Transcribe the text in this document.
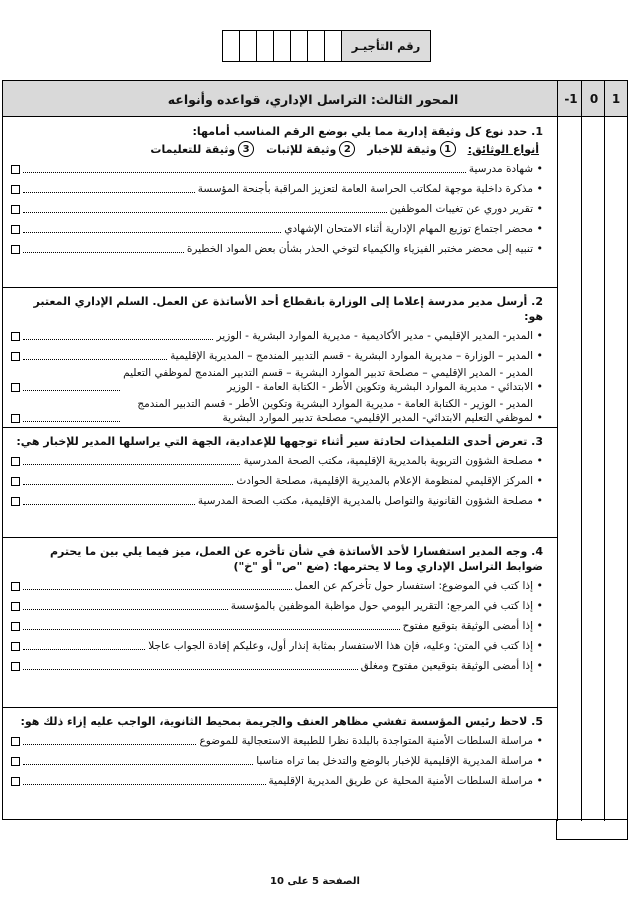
رقم التأجيـر
المحور الثالث: التراسل الإداري، قواعده وأنواعه	1
0
-1
1. حدد نوع كل وثيقة إدارية مما يلي بوضع الرقم المناسب أمامها:
أنواع الوثائق:
1
وثيقة للإخبار
2
وثيقة للإثبات
3
وثيقة للتعليمات
• شهادة مدرسية
• مذكرة داخلية موجهة لمكاتب الحراسة العامة لتعزيز المراقبة بأجنحة المؤسسة
• تقرير دوري عن تغيبات الموظفين
• محضر اجتماع توزيع المهام الإدارية أثناء الامتحان الإشهادي
• تنبيه إلى محضر مختبر الفيزياء والكيمياء لتوخي الحذر بشأن بعض المواد الخطيرة
2. أرسل مدير مدرسة إعلاما إلى الوزارة بانقطاع أحد الأساتذة عن العمل. السلم الإداري المعتبر هو:
• المدير- المدير الإقليمي - مدير الأكاديمية - مديرية الموارد البشرية - الوزير
• المدير – الوزارة – مديرية الموارد البشرية - قسم التدبير المندمج – المديرية الإقليمية
• المدير - المدير الإقليمي – مصلحة تدبير الموارد البشرية – قسم التدبير المندمج لموظفي التعليم الابتدائي - مديرية الموارد البشرية وتكوين الأطر - الكتابة العامة - الوزير
• المدير - الوزير - الكتابة العامة - مديرية الموارد البشرية وتكوين الأطر - قسم التدبير المندمج لموظفي التعليم الابتدائي- المدير الإقليمي- مصلحة تدبير الموارد البشرية
3. تعرض أحدى التلميذات لحادثة سير أثناء توجهها للإعدادية، الجهة التي يراسلها المدير للإخبار هي:
• مصلحة الشؤون التربوية بالمديرية الإقليمية، مكتب الصحة المدرسية
• المركز الإقليمي لمنظومة الإعلام بالمديرية الإقليمية، مصلحة الحوادث
• مصلحة الشؤون القانونية والتواصل بالمديرية الإقليمية، مكتب الصحة المدرسية
4. وجه المدير استفسارا لأحد الأساتذة في شأن تأخره عن العمل، ميز فيما يلي بين ما يحترم ضوابط التراسل الإداري وما لا يحترمها: (ضع "ص" أو "خ")
• إذا كتب في الموضوع: استفسار حول تأخركم عن العمل
• إذا كتب في المرجع: التقرير اليومي حول مواظبة الموظفين بالمؤسسة
• إذا أمضى الوثيقة بتوقيع مفتوح
• إذا كتب في المتن: وعليه، فإن هذا الاستفسار بمثابة إنذار أول، وعليكم إفادة الجواب عاجلا
• إذا أمضى الوثيقة بتوقيعين مفتوح ومغلق
5. لاحظ رئيس المؤسسة تفشي مظاهر العنف والجريمة بمحيط الثانوية، الواجب عليه إزاء ذلك هو:
• مراسلة السلطات الأمنية المتواجدة بالبلدة نظرا للطبيعة الاستعجالية للموضوع
• مراسلة المديرية الإقليمية للإخبار بالوضع والتدخل بما تراه مناسبا
• مراسلة السلطات الأمنية المحلية عن طريق المديرية الإقليمية
الصفحة 5 على 10
